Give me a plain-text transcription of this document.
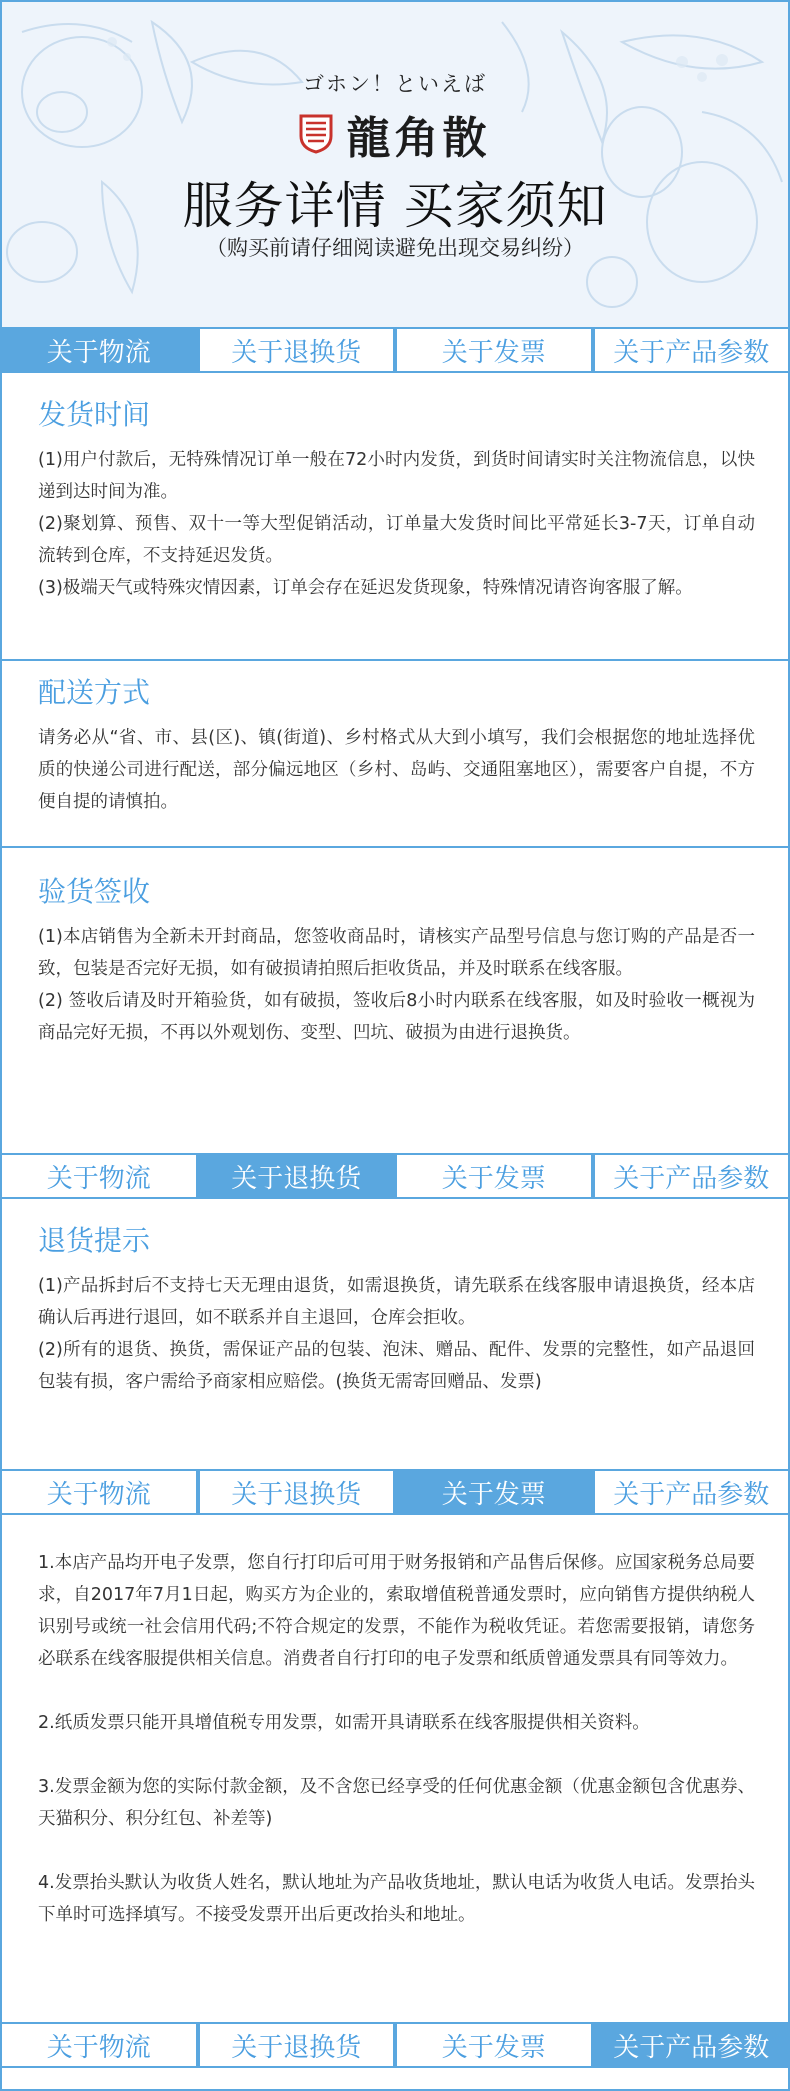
ゴホン！といえば
龍角散
服务详情 买家须知
（购买前请仔细阅读避免出现交易纠纷）
关于物流	关于退换货	关于发票	关于产品参数
发货时间

(1)用户付款后，无特殊情况订单一般在72小时内发货，到货时间请实时关注物流信息，以快递到达时间为准。

(2)聚划算、预售、双十一等大型促销活动，订单量大发货时间比平常延长3-7天，订单自动流转到仓库，不支持延迟发货。

(3)极端天气或特殊灾情因素，订单会存在延迟发货现象，特殊情况请咨询客服了解。

配送方式

请务必从“省、市、县(区)、镇(街道)、乡村格式从大到小填写，我们会根据您的地址选择优质的快递公司进行配送，部分偏远地区（乡村、岛屿、交通阻塞地区），需要客户自提，不方便自提的请慎拍。

验货签收

(1)本店销售为全新未开封商品，您签收商品时，请核实产品型号信息与您订购的产品是否一致，包装是否完好无损，如有破损请拍照后拒收货品，并及时联系在线客服。

(2) 签收后请及时开箱验货，如有破损，签收后8小时内联系在线客服，如及时验收一概视为商品完好无损，不再以外观划伤、变型、凹坑、破损为由进行退换货。

关于物流	关于退换货	关于发票	关于产品参数
退货提示

(1)产品拆封后不支持七天无理由退货，如需退换货，请先联系在线客服申请退换货，经本店确认后再进行退回，如不联系并自主退回，仓库会拒收。

(2)所有的退货、换货，需保证产品的包装、泡沫、赠品、配件、发票的完整性，如产品退回包装有损，客户需给予商家相应赔偿。(换货无需寄回赠品、发票)

关于物流	关于退换货	关于发票	关于产品参数

1.本店产品均开电子发票，您自行打印后可用于财务报销和产品售后保修。应国家税务总局要求，自2017年7月1日起，购买方为企业的，索取增值税普通发票时，应向销售方提供纳税人识别号或统一社会信用代码;不符合规定的发票，不能作为税收凭证。若您需要报销，请您务必联系在线客服提供相关信息。消费者自行打印的电子发票和纸质曾通发票具有同等效力。

2.纸质发票只能开具增值税专用发票，如需开具请联系在线客服提供相关资料。

3.发票金额为您的实际付款金额，及不含您已经享受的任何优惠金额（优惠金额包含优惠券、天猫积分、积分红包、补差等)

4.发票抬头默认为收货人姓名，默认地址为产品收货地址，默认电话为收货人电话。发票抬头下单时可选择填写。不接受发票开出后更改抬头和地址。

关于物流	关于退换货	关于发票	关于产品参数
